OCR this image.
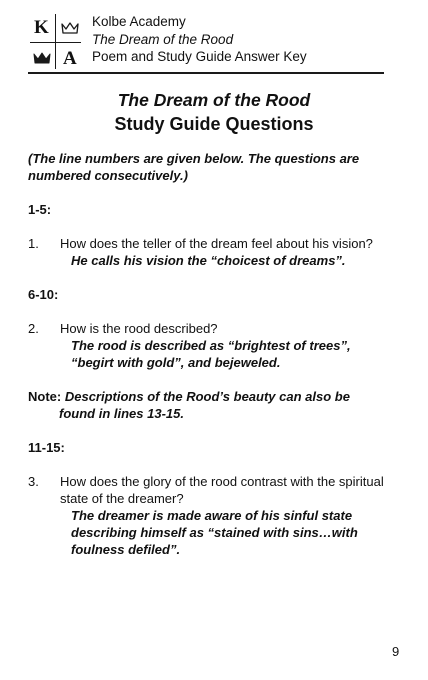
K
A
Kolbe Academy
The Dream of the Rood
Poem and Study Guide Answer Key
The Dream of the Rood
Study Guide Questions

(The line numbers are given below. The questions are numbered consecutively.)

1-5:

1.	How does the teller of the dream feel about his vision?

He calls his vision the “choicest of dreams”.

6-10:

2.	How is the rood described?

The rood is described as “brightest of trees”, “begirt with gold”, and bejeweled.

Note: Descriptions of the Rood’s beauty can also be found in lines 13-15.

11-15:

3.	How does the glory of the rood contrast with the spiritual state of the dreamer?

The dreamer is made aware of his sinful state describing himself as “stained with sins…with foulness defiled”.

9
